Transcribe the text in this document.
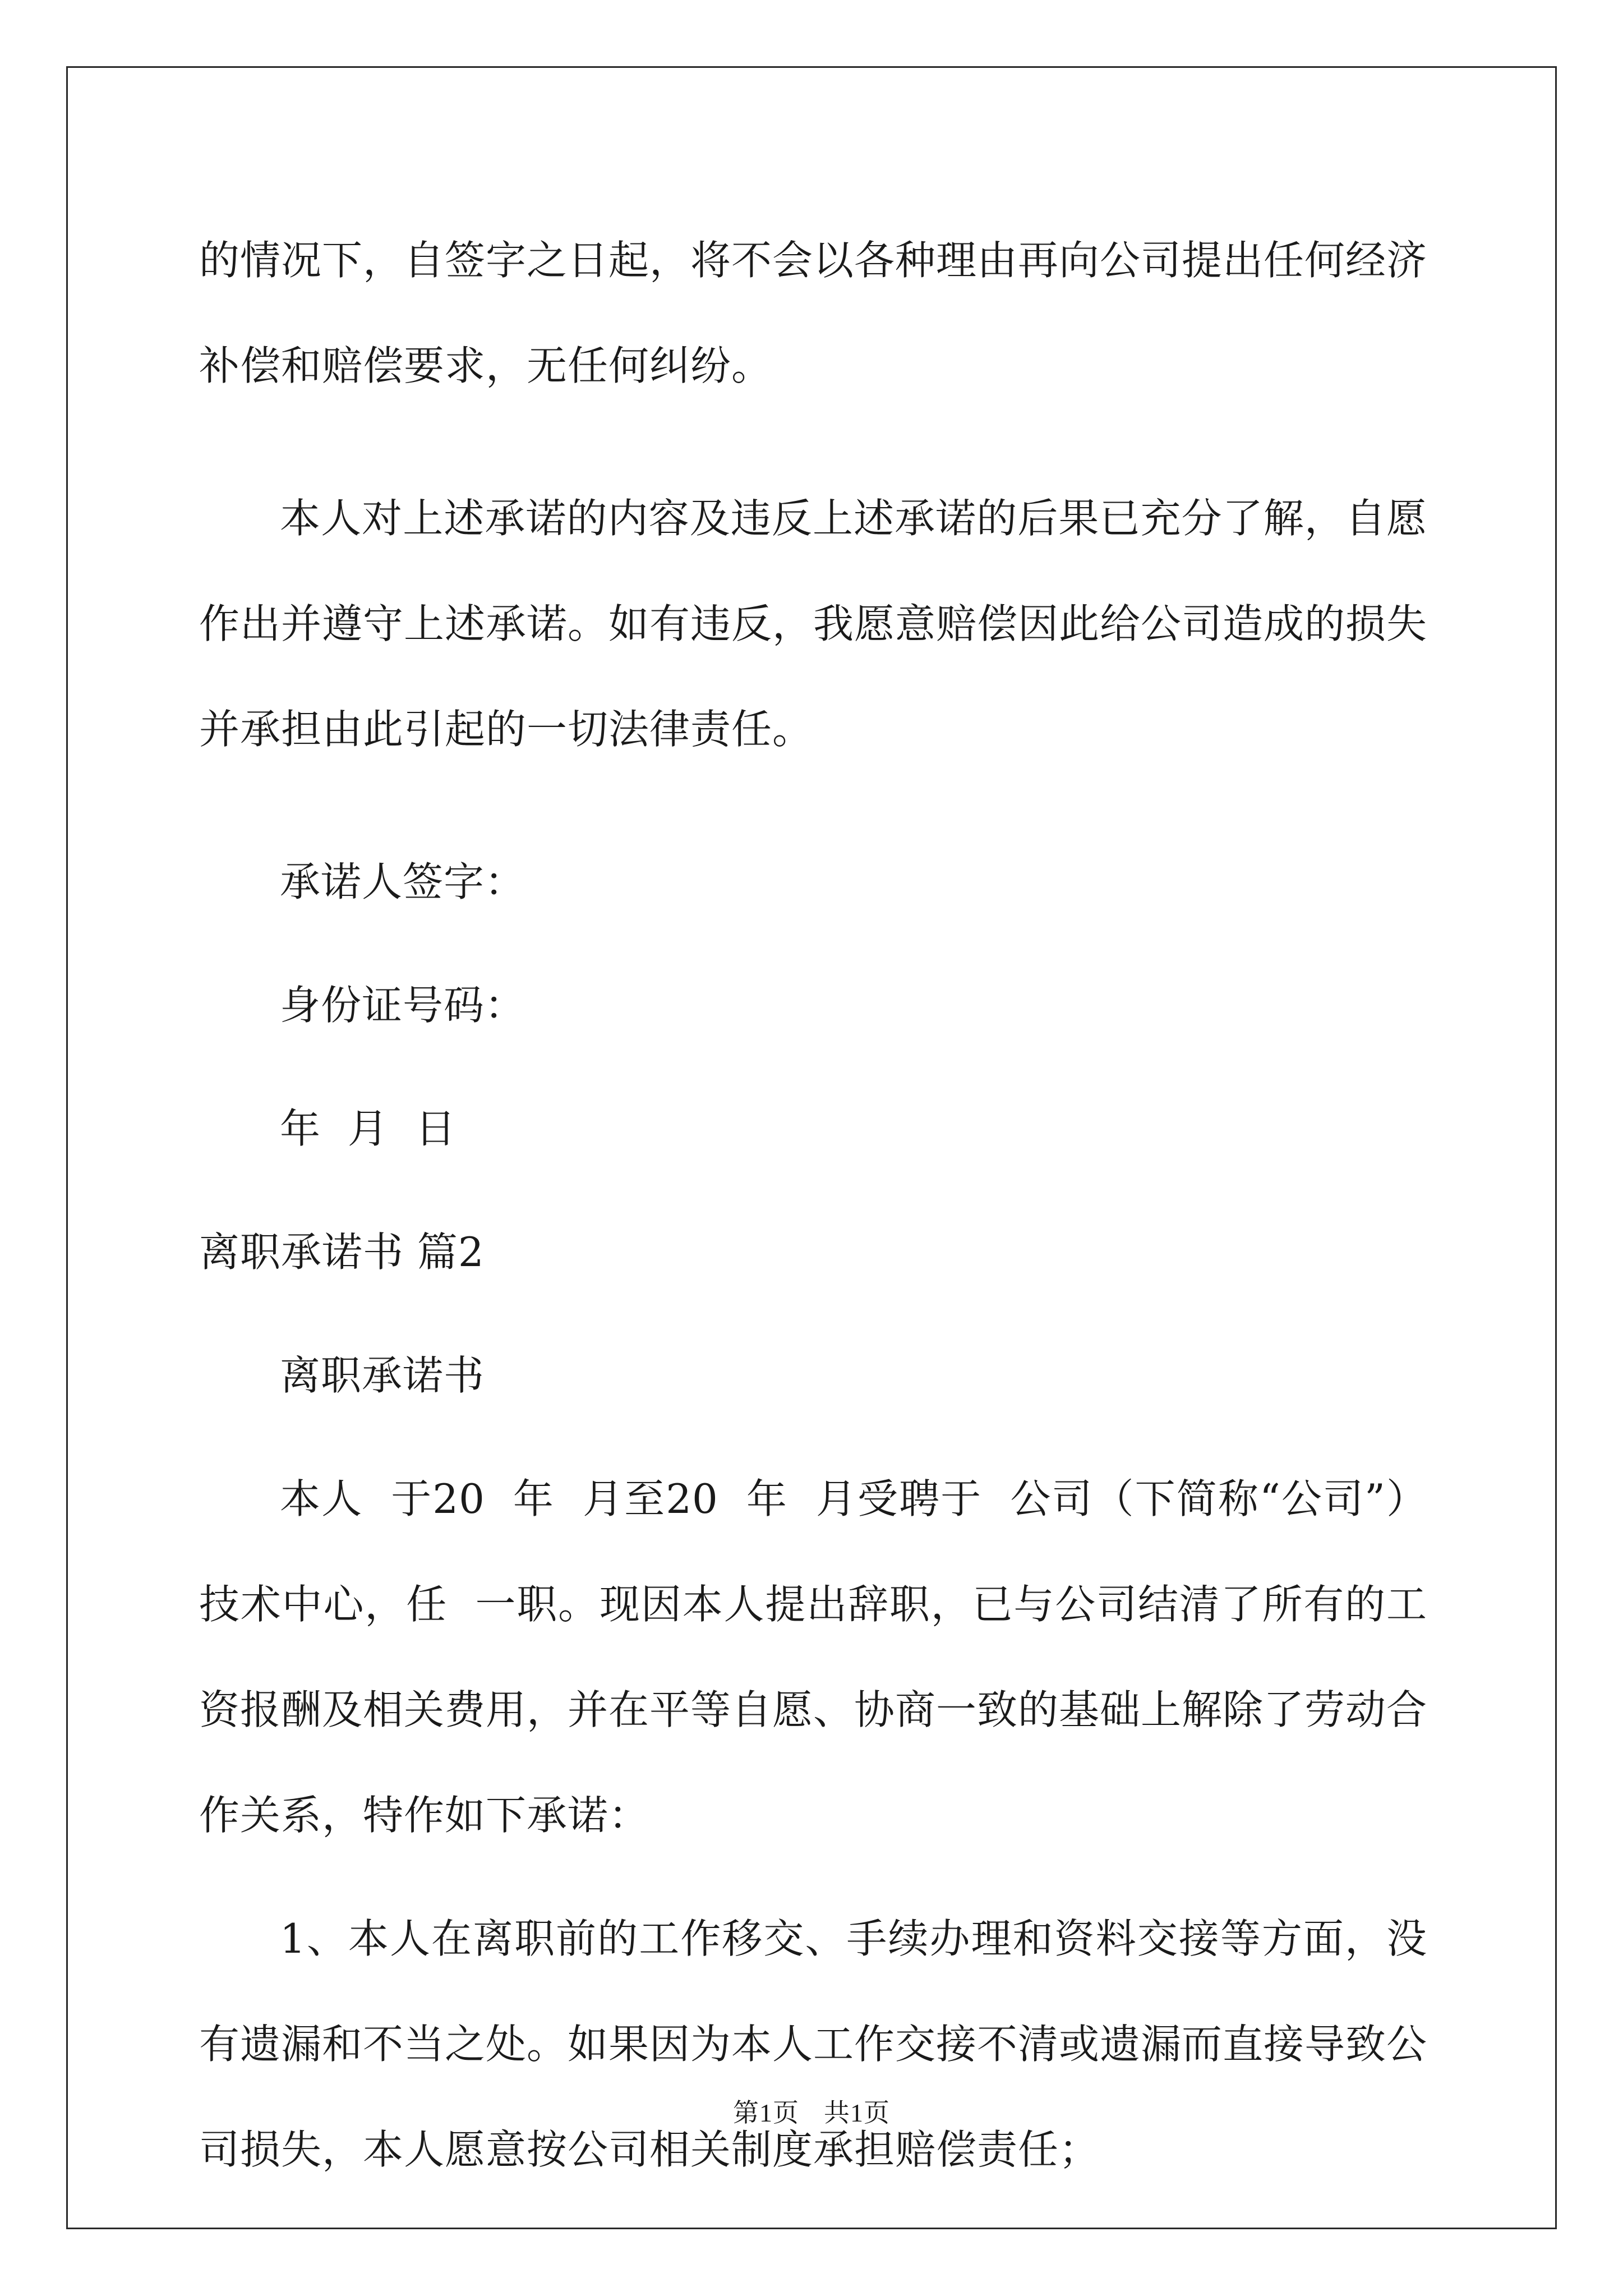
的情况下，自签字之日起，将不会以各种理由再向公司提出任何经济补偿和赔偿要求，无任何纠纷。

本人对上述承诺的内容及违反上述承诺的后果已充分了解，自愿作出并遵守上述承诺。如有违反，我愿意赔偿因此给公司造成的损失并承担由此引起的一切法律责任。

承诺人签字：

身份证号码：

年  月  日

离职承诺书 篇2

离职承诺书

本人  于20  年  月至20  年  月受聘于  公司（下简称“公司”）技术中心，任  一职。现因本人提出辞职，已与公司结清了所有的工资报酬及相关费用，并在平等自愿、协商一致的基础上解除了劳动合作关系，特作如下承诺：

1、本人在离职前的工作移交、手续办理和资料交接等方面，没有遗漏和不当之处。如果因为本人工作交接不清或遗漏而直接导致公司损失，本人愿意按公司相关制度承担赔偿责任；

第1页 共1页
